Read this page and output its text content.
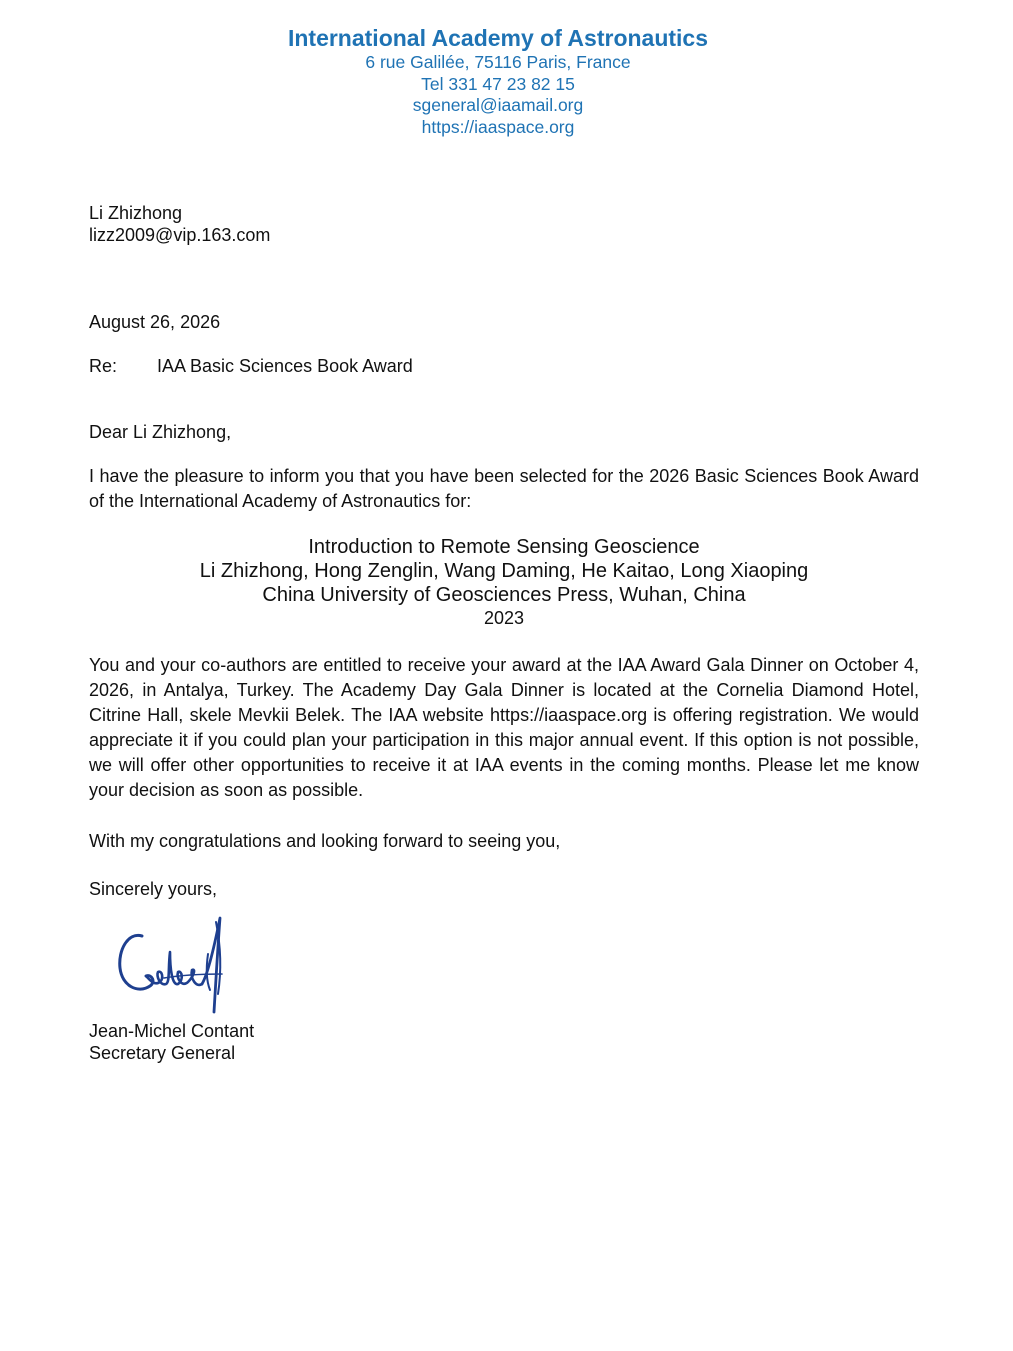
International Academy of Astronautics
6 rue Galilée, 75116 Paris, France
Tel 331 47 23 82 15
sgeneral@iaamail.org
https://iaaspace.org
Li Zhizhong
lizz2009@vip.163.com
August 26, 2026
Re: IAA Basic Sciences Book Award
Dear Li Zhizhong,
I have the pleasure to inform you that you have been selected for the 2026 Basic Sciences Book Award of the International Academy of Astronautics for:
Introduction to Remote Sensing Geoscience
Li Zhizhong, Hong Zenglin, Wang Daming, He Kaitao, Long Xiaoping
China University of Geosciences Press, Wuhan, China
2023
You and your co-authors are entitled to receive your award at the IAA Award Gala Dinner on October 4, 2026, in Antalya, Turkey. The Academy Day Gala Dinner is located at the Cornelia Diamond Hotel, Citrine Hall, skele Mevkii Belek. The IAA website https://iaaspace.org is offering registration. We would appreciate it if you could plan your participation in this major annual event. If this option is not possible, we will offer other opportunities to receive it at IAA events in the coming months. Please let me know your decision as soon as possible.
With my congratulations and looking forward to seeing you,
Sincerely yours,
Jean-Michel Contant
Secretary General
